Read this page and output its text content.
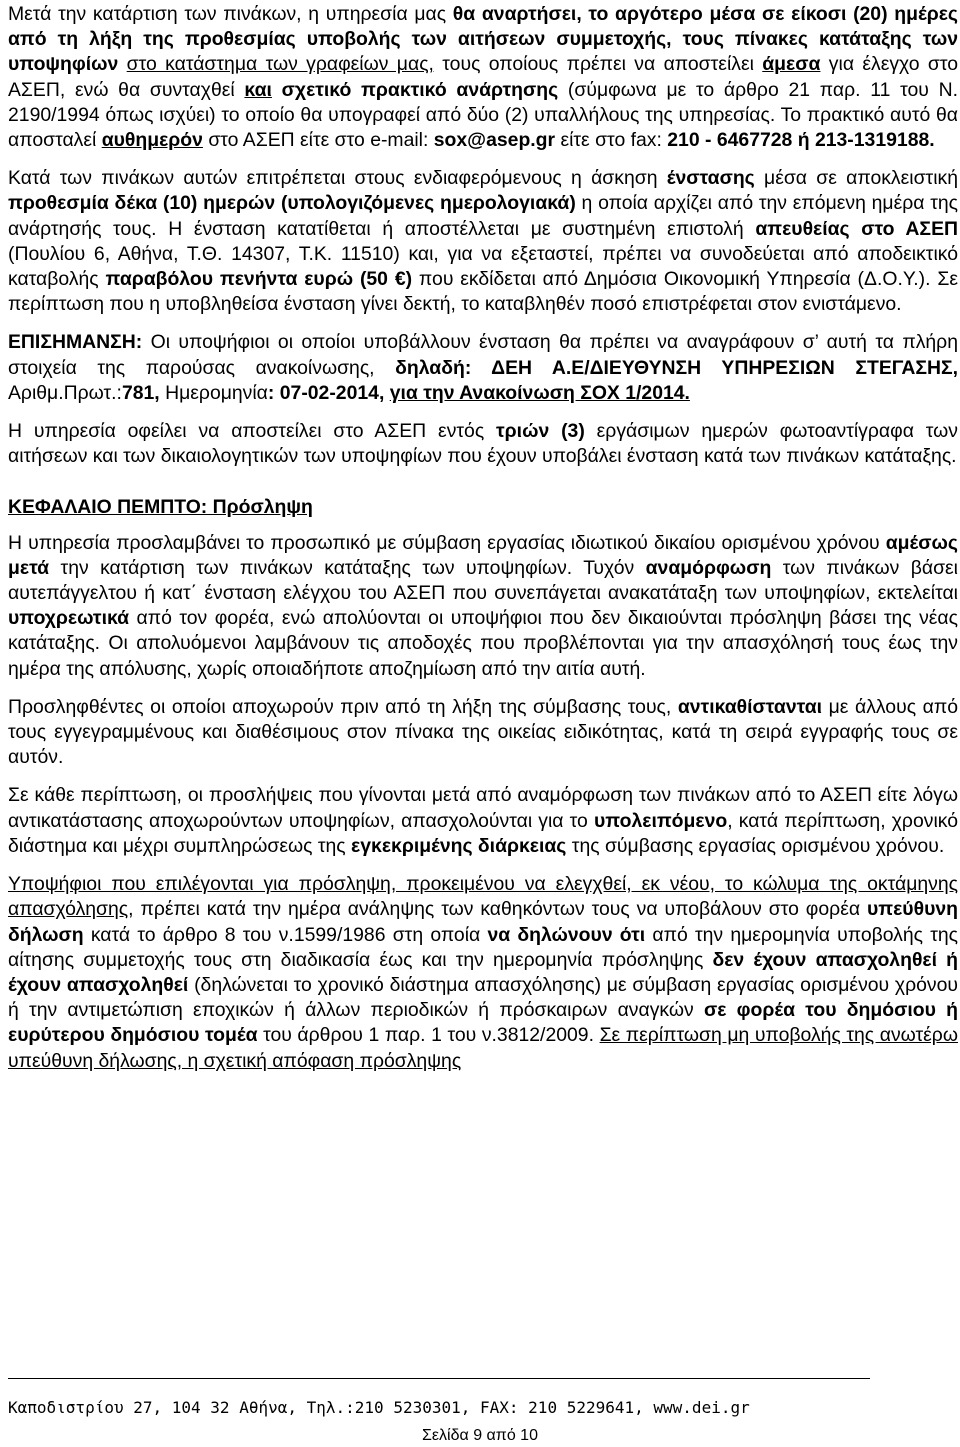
Μετά την κατάρτιση των πινάκων, η υπηρεσία μας θα αναρτήσει, το αργότερο μέσα σε είκοσι (20) ημέρες από τη λήξη της προθεσμίας υποβολής των αιτήσεων συμμετοχής, τους πίνακες κατάταξης των υποψηφίων στο κατάστημα των γραφείων μας, τους οποίους πρέπει να αποστείλει άμεσα για έλεγχο στο ΑΣΕΠ, ενώ θα συνταχθεί και σχετικό πρακτικό ανάρτησης (σύμφωνα με το άρθρο 21 παρ. 11 του Ν. 2190/1994 όπως ισχύει) το οποίο θα υπογραφεί από δύο (2) υπαλλήλους της υπηρεσίας. Το πρακτικό αυτό θα αποσταλεί αυθημερόν στο ΑΣΕΠ είτε στο e-mail: sox@asep.gr είτε στο fax: 210 - 6467728 ή 213-1319188.

Κατά των πινάκων αυτών επιτρέπεται στους ενδιαφερόμενους η άσκηση ένστασης μέσα σε αποκλειστική προθεσμία δέκα (10) ημερών (υπολογιζόμενες ημερολογιακά) η οποία αρχίζει από την επόμενη ημέρα της ανάρτησής τους. Η ένσταση κατατίθεται ή αποστέλλεται με συστημένη επιστολή απευθείας στο ΑΣΕΠ (Πουλίου 6, Αθήνα, Τ.Θ. 14307, Τ.Κ. 11510) και, για να εξεταστεί, πρέπει να συνοδεύεται από αποδεικτικό καταβολής παραβόλου πενήντα ευρώ (50 €) που εκδίδεται από Δημόσια Οικονομική Υπηρεσία (Δ.Ο.Υ.). Σε περίπτωση που η υποβληθείσα ένσταση γίνει δεκτή, το καταβληθέν ποσό επιστρέφεται στον ενιστάμενο.

ΕΠΙΣΗΜΑΝΣΗ: Οι υποψήφιοι οι οποίοι υποβάλλουν ένσταση θα πρέπει να αναγράφουν σ’ αυτή τα πλήρη στοιχεία της παρούσας ανακοίνωσης, δηλαδή: ΔΕΗ Α.Ε/ΔΙΕΥΘΥΝΣΗ ΥΠΗΡΕΣΙΩΝ ΣΤΕΓΑΣΗΣ, Αριθμ.Πρωτ.:781, Ημερομηνία: 07-02-2014, για την Ανακοίνωση ΣΟΧ 1/2014.

Η υπηρεσία οφείλει να αποστείλει στο ΑΣΕΠ εντός τριών (3) εργάσιμων ημερών φωτοαντίγραφα των αιτήσεων και των δικαιολογητικών των υποψηφίων που έχουν υποβάλει ένσταση κατά των πινάκων κατάταξης.

ΚΕΦΑΛΑΙΟ ΠΕΜΠΤΟ: Πρόσληψη

Η υπηρεσία προσλαμβάνει το προσωπικό με σύμβαση εργασίας ιδιωτικού δικαίου ορισμένου χρόνου αμέσως μετά την κατάρτιση των πινάκων κατάταξης των υποψηφίων. Τυχόν αναμόρφωση των πινάκων βάσει αυτεπάγγελτου ή κατ΄ ένσταση ελέγχου του ΑΣΕΠ που συνεπάγεται ανακατάταξη των υποψηφίων, εκτελείται υποχρεωτικά από τον φορέα, ενώ απολύονται οι υποψήφιοι που δεν δικαιούνται πρόσληψη βάσει της νέας κατάταξης. Οι απολυόμενοι λαμβάνουν τις αποδοχές που προβλέπονται για την απασχόλησή τους έως την ημέρα της απόλυσης, χωρίς οποιαδήποτε αποζημίωση από την αιτία αυτή.

Προσληφθέντες οι οποίοι αποχωρούν πριν από τη λήξη της σύμβασης τους, αντικαθίστανται με άλλους από τους εγγεγραμμένους και διαθέσιμους στον πίνακα της οικείας ειδικότητας, κατά τη σειρά εγγραφής τους σε αυτόν.

Σε κάθε περίπτωση, οι προσλήψεις που γίνονται μετά από αναμόρφωση των πινάκων από το ΑΣΕΠ είτε λόγω αντικατάστασης αποχωρούντων υποψηφίων, απασχολούνται για το υπολειπόμενο, κατά περίπτωση, χρονικό διάστημα και μέχρι συμπληρώσεως της εγκεκριμένης διάρκειας της σύμβασης εργασίας ορισμένου χρόνου.

Υποψήφιοι που επιλέγονται για πρόσληψη, προκειμένου να ελεγχθεί, εκ νέου, το κώλυμα της οκτάμηνης απασχόλησης, πρέπει κατά την ημέρα ανάληψης των καθηκόντων τους να υποβάλουν στο φορέα υπεύθυνη δήλωση κατά το άρθρο 8 του ν.1599/1986 στη οποία να δηλώνουν ότι από την ημερομηνία υποβολής της αίτησης συμμετοχής τους στη διαδικασία έως και την ημερομηνία πρόσληψης δεν έχουν απασχοληθεί ή έχουν απασχοληθεί (δηλώνεται το χρονικό διάστημα απασχόλησης) με σύμβαση εργασίας ορισμένου χρόνου ή την αντιμετώπιση εποχικών ή άλλων περιοδικών ή πρόσκαιρων αναγκών σε φορέα του δημόσιου ή ευρύτερου δημόσιου τομέα του άρθρου 1 παρ. 1 του ν.3812/2009. Σε περίπτωση μη υποβολής της ανωτέρω υπεύθυνη δήλωσης, η σχετική απόφαση πρόσληψης

Καποδιστρίου 27, 104 32 Αθήνα, Τηλ.:210 5230301, FAX: 210 5229641, www.dei.gr
Σελίδα 9 από 10
